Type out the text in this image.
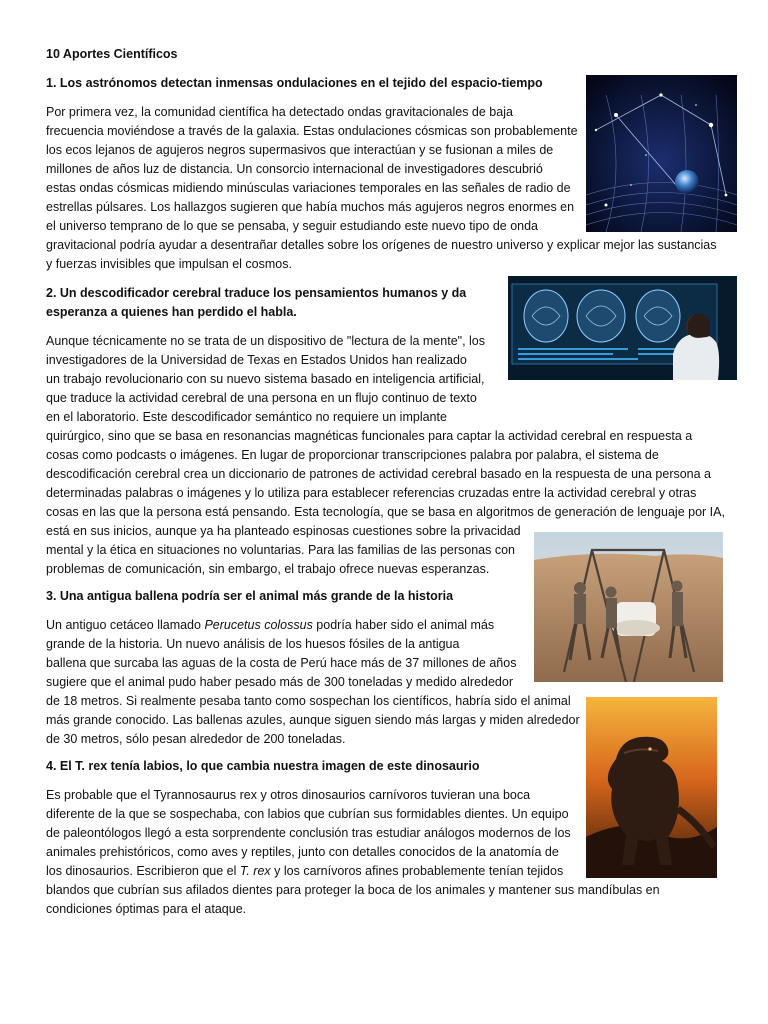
10 Aportes Científicos
1. Los astrónomos detectan inmensas ondulaciones en el tejido del espacio-tiempo
Por primera vez, la comunidad científica ha detectado ondas gravitacionales de baja
frecuencia moviéndose a través de la galaxia. Estas ondulaciones cósmicas son probablemente
los ecos lejanos de agujeros negros supermasivos que interactúan y se fusionan a miles de
millones de años luz de distancia. Un consorcio internacional de investigadores descubrió
estas ondas cósmicas midiendo minúsculas variaciones temporales en las señales de radio de
estrellas púlsares. Los hallazgos sugieren que había muchos más agujeros negros enormes en
el universo temprano de lo que se pensaba, y seguir estudiando este nuevo tipo de onda
gravitacional podría ayudar a desentrañar detalles sobre los orígenes de nuestro universo y explicar mejor las sustancias
y fuerzas invisibles que impulsan el cosmos.
2. Un descodificador cerebral traduce los pensamientos humanos y da
esperanza a quienes han perdido el habla.
Aunque técnicamente no se trata de un dispositivo de "lectura de la mente", los
investigadores de la Universidad de Texas en Estados Unidos han realizado
un trabajo revolucionario con su nuevo sistema basado en inteligencia artificial,
que traduce la actividad cerebral de una persona en un flujo continuo de texto
en el laboratorio. Este descodificador semántico no requiere un implante
quirúrgico, sino que se basa en resonancias magnéticas funcionales para captar la actividad cerebral en respuesta a
cosas como podcasts o imágenes. En lugar de proporcionar transcripciones palabra por palabra, el sistema de
descodificación cerebral crea un diccionario de patrones de actividad cerebral basado en la respuesta de una persona a
determinadas palabras o imágenes y lo utiliza para establecer referencias cruzadas entre la actividad cerebral y otras
cosas en las que la persona está pensando. Esta tecnología, que se basa en algoritmos de generación de lenguaje por IA,
está en sus inicios, aunque ya ha planteado espinosas cuestiones sobre la privacidad
mental y la ética en situaciones no voluntarias. Para las familias de las personas con
problemas de comunicación, sin embargo, el trabajo ofrece nuevas esperanzas.
3. Una antigua ballena podría ser el animal más grande de la historia
Un antiguo cetáceo llamado Perucetus colossus podría haber sido el animal más
grande de la historia. Un nuevo análisis de los huesos fósiles de la antigua
ballena que surcaba las aguas de la costa de Perú hace más de 37 millones de años
sugiere que el animal pudo haber pesado más de 300 toneladas y medido alrededor
de 18 metros. Si realmente pesaba tanto como sospechan los científicos, habría sido el animal
más grande conocido. Las ballenas azules, aunque siguen siendo más largas y miden alrededor
de 30 metros, sólo pesan alrededor de 200 toneladas.
4. El T. rex tenía labios, lo que cambia nuestra imagen de este dinosaurio
Es probable que el Tyrannosaurus rex y otros dinosaurios carnívoros tuvieran una boca
diferente de la que se sospechaba, con labios que cubrían sus formidables dientes. Un equipo
de paleontólogos llegó a esta sorprendente conclusión tras estudiar análogos modernos de los
animales prehistóricos, como aves y reptiles, junto con detalles conocidos de la anatomía de
los dinosaurios. Escribieron que el T. rex y los carnívoros afines probablemente tenían tejidos
blandos que cubrían sus afilados dientes para proteger la boca de los animales y mantener sus mandíbulas en
condiciones óptimas para el ataque.
